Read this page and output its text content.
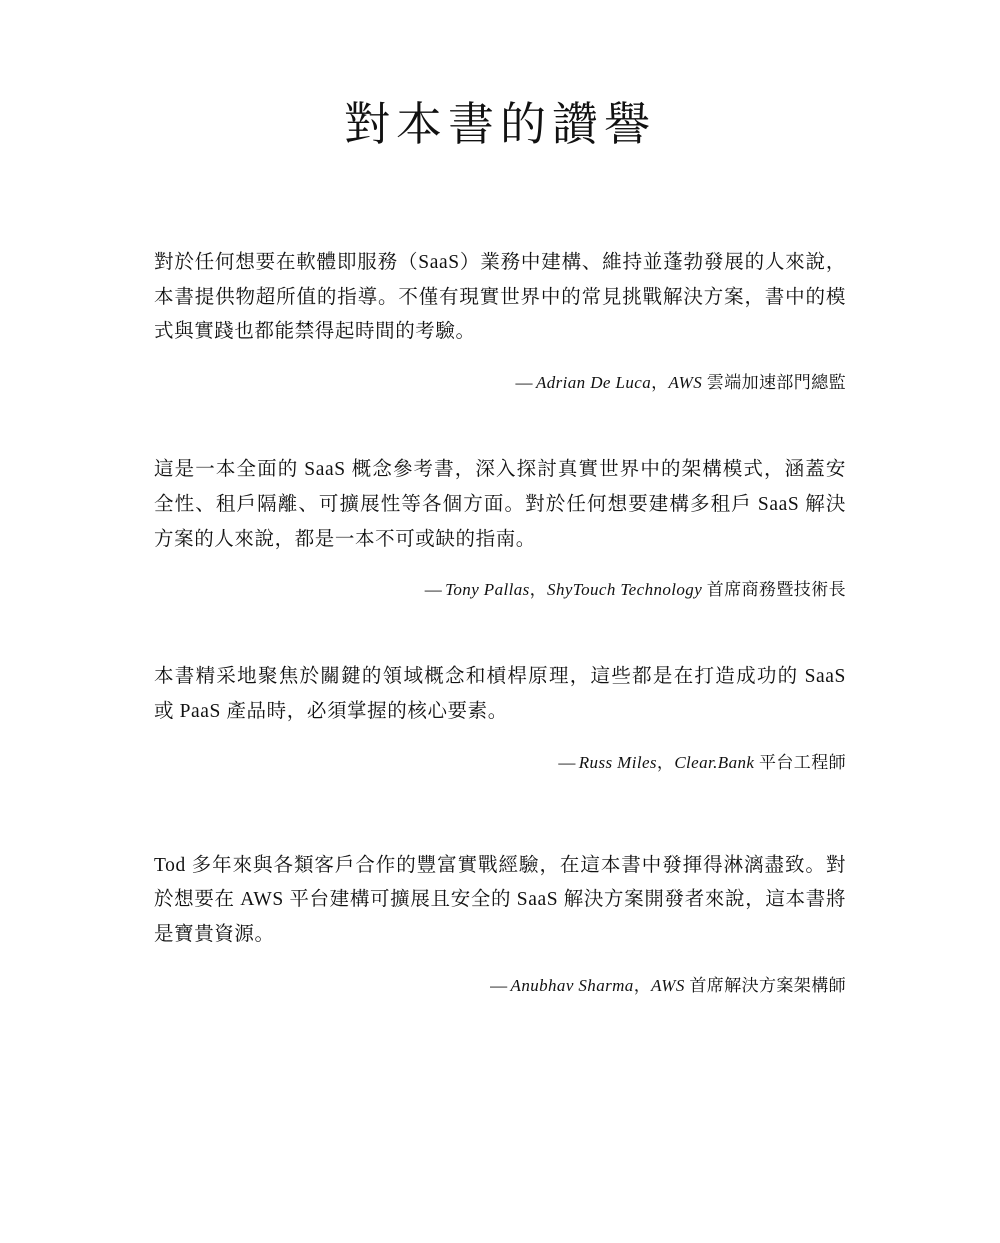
對本書的讚譽

對於任何想要在軟體即服務（SaaS）業務中建構、維持並蓬勃發展的人來說，本書提供物超所值的指導。不僅有現實世界中的常見挑戰解決方案，書中的模式與實踐也都能禁得起時間的考驗。

— Adrian De Luca，AWS 雲端加速部門總監

這是一本全面的 SaaS 概念參考書，深入探討真實世界中的架構模式，涵蓋安全性、租戶隔離、可擴展性等各個方面。對於任何想要建構多租戶 SaaS 解決方案的人來說，都是一本不可或缺的指南。

— Tony Pallas，ShyTouch Technology 首席商務暨技術長

本書精采地聚焦於關鍵的領域概念和槓桿原理，這些都是在打造成功的 SaaS 或 PaaS 產品時，必須掌握的核心要素。

— Russ Miles，Clear.Bank 平台工程師

Tod 多年來與各類客戶合作的豐富實戰經驗，在這本書中發揮得淋漓盡致。對於想要在 AWS 平台建構可擴展且安全的 SaaS 解決方案開發者來說，這本書將是寶貴資源。

— Anubhav Sharma，AWS 首席解決方案架構師
